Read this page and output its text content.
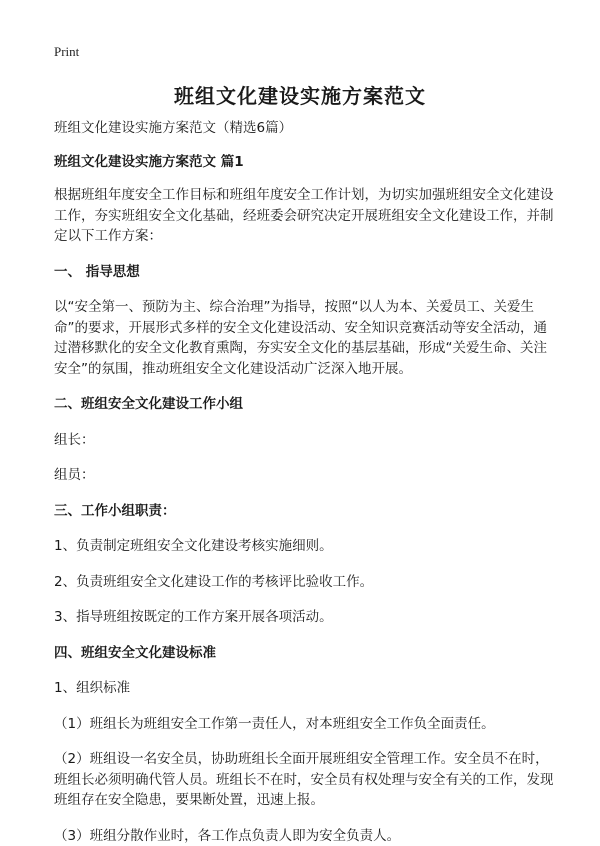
Print
班组文化建设实施方案范文

班组文化建设实施方案范文（精选6篇）

班组文化建设实施方案范文 篇1

根据班组年度安全工作目标和班组年度安全工作计划，为切实加强班组安全文化建设工作，夯实班组安全文化基础，经班委会研究决定开展班组安全文化建设工作，并制定以下工作方案：

一、 指导思想

以“安全第一、预防为主、综合治理”为指导，按照“以人为本、关爱员工、关爱生命”的要求，开展形式多样的安全文化建设活动、安全知识竞赛活动等安全活动，通过潜移默化的安全文化教育熏陶，夯实安全文化的基层基础，形成“关爱生命、关注安全”的氛围，推动班组安全文化建设活动广泛深入地开展。

二、班组安全文化建设工作小组

组长：

组员：

三、工作小组职责：

1、负责制定班组安全文化建设考核实施细则。

2、负责班组安全文化建设工作的考核评比验收工作。

3、指导班组按既定的工作方案开展各项活动。

四、班组安全文化建设标准

1、组织标准

（1）班组长为班组安全工作第一责任人，对本班组安全工作负全面责任。

（2）班组设一名安全员，协助班组长全面开展班组安全管理工作。安全员不在时，班组长必须明确代管人员。班组长不在时，安全员有权处理与安全有关的工作，发现班组存在安全隐患，要果断处置，迅速上报。

（3）班组分散作业时，各工作点负责人即为安全负责人。
